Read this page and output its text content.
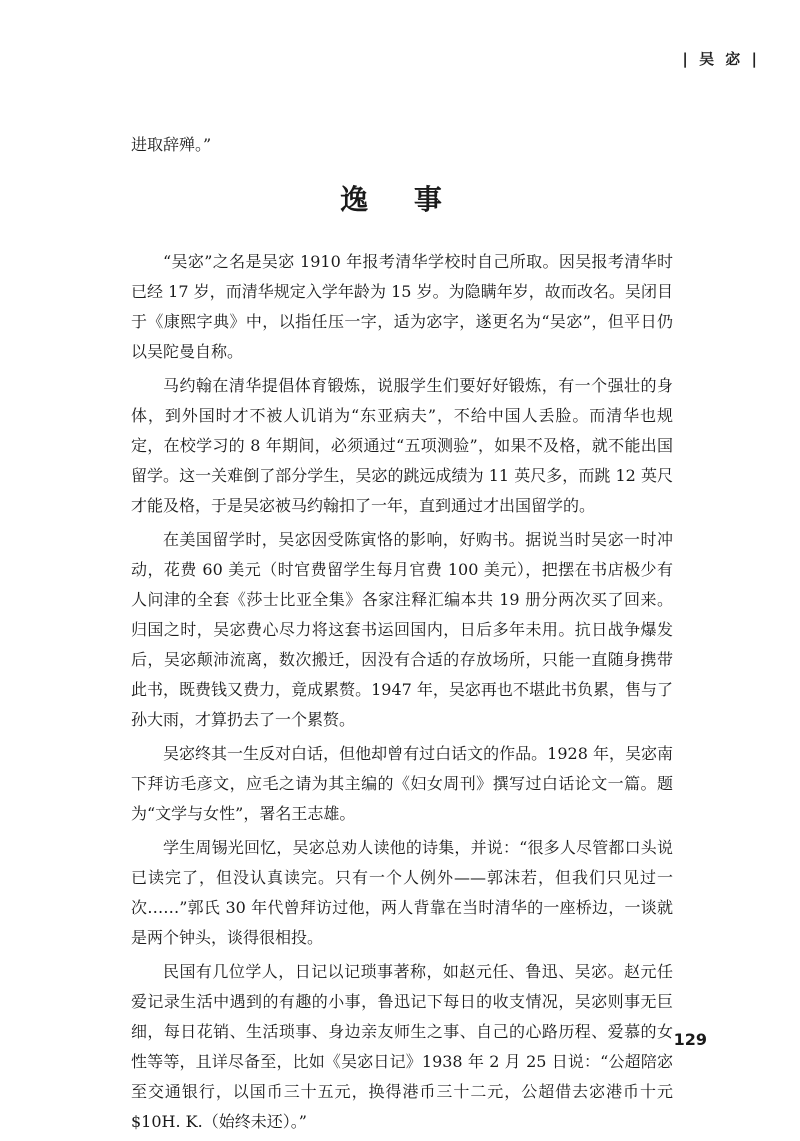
| 吴 宓 |
进取辞殚。”
逸 事

“吴宓”之名是吴宓 1910 年报考清华学校时自己所取。因吴报考清华时已经 17 岁，而清华规定入学年龄为 15 岁。为隐瞒年岁，故而改名。吴闭目于《康熙字典》中，以指任压一字，适为宓字，遂更名为“吴宓”，但平日仍以吴陀曼自称。

马约翰在清华提倡体育锻炼，说服学生们要好好锻炼，有一个强壮的身体，到外国时才不被人讥诮为“东亚病夫”，不给中国人丢脸。而清华也规定，在校学习的 8 年期间，必须通过“五项测验”，如果不及格，就不能出国留学。这一关难倒了部分学生，吴宓的跳远成绩为 11 英尺多，而跳 12 英尺才能及格，于是吴宓被马约翰扣了一年，直到通过才出国留学的。

在美国留学时，吴宓因受陈寅恪的影响，好购书。据说当时吴宓一时冲动，花费 60 美元（时官费留学生每月官费 100 美元），把摆在书店极少有人问津的全套《莎士比亚全集》各家注释汇编本共 19 册分两次买了回来。归国之时，吴宓费心尽力将这套书运回国内，日后多年未用。抗日战争爆发后，吴宓颠沛流离，数次搬迁，因没有合适的存放场所，只能一直随身携带此书，既费钱又费力，竟成累赘。1947 年，吴宓再也不堪此书负累，售与了孙大雨，才算扔去了一个累赘。

吴宓终其一生反对白话，但他却曾有过白话文的作品。1928 年，吴宓南下拜访毛彦文，应毛之请为其主编的《妇女周刊》撰写过白话论文一篇。题为“文学与女性”，署名王志雄。

学生周锡光回忆，吴宓总劝人读他的诗集，并说：“很多人尽管都口头说已读完了，但没认真读完。只有一个人例外——郭沫若，但我们只见过一次……”郭氏 30 年代曾拜访过他，两人背靠在当时清华的一座桥边，一谈就是两个钟头，谈得很相投。

民国有几位学人，日记以记琐事著称，如赵元任、鲁迅、吴宓。赵元任爱记录生活中遇到的有趣的小事，鲁迅记下每日的收支情况，吴宓则事无巨细，每日花销、生活琐事、身边亲友师生之事、自己的心路历程、爱慕的女性等等，且详尽备至，比如《吴宓日记》1938 年 2 月 25 日说：“公超陪宓至交通银行，以国币三十五元，换得港币三十二元，公超借去宓港币十元 $10H. K.（始终未还）。”

129
